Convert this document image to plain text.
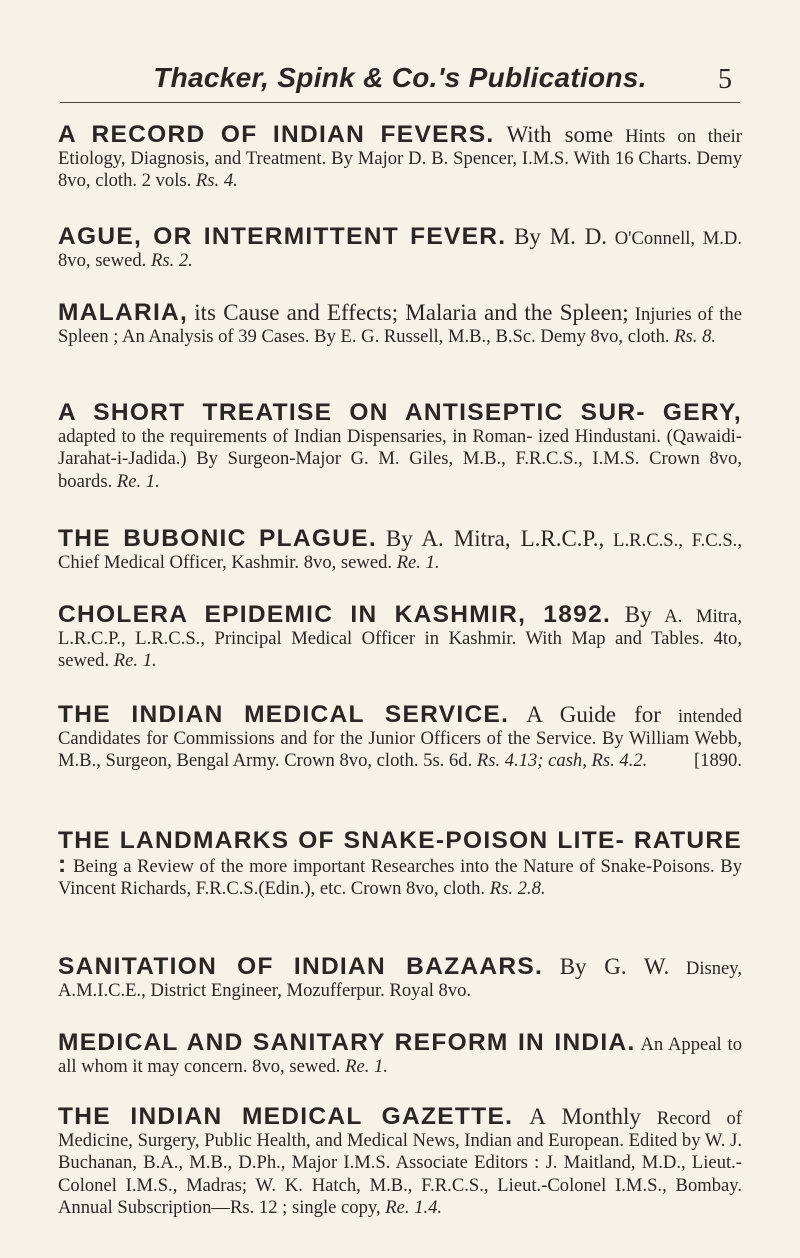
Thacker, Spink & Co.'s Publications.	5
A RECORD OF INDIAN FEVERS. With some Hints on their Etiology, Diagnosis, and Treatment. By Major D. B. Spencer, I.M.S. With 16 Charts. Demy 8vo, cloth. 2 vols. Rs. 4.
AGUE, OR INTERMITTENT FEVER. By M. D. O'Connell, M.D. 8vo, sewed. Rs. 2.
MALARIA, its Cause and Effects; Malaria and the Spleen; Injuries of the Spleen ; An Analysis of 39 Cases. By E. G. Russell, M.B., B.Sc. Demy 8vo, cloth. Rs. 8.
A SHORT TREATISE ON ANTISEPTIC SUR- GERY, adapted to the requirements of Indian Dispensaries, in Roman- ized Hindustani. (Qawaidi-Jarahat-i-Jadida.) By Surgeon-Major G. M. Giles, M.B., F.R.C.S., I.M.S. Crown 8vo, boards. Re. 1.
THE BUBONIC PLAGUE. By A. Mitra, L.R.C.P., L.R.C.S., F.C.S., Chief Medical Officer, Kashmir. 8vo, sewed. Re. 1.
CHOLERA EPIDEMIC IN KASHMIR, 1892. By A. Mitra, L.R.C.P., L.R.C.S., Principal Medical Officer in Kashmir. With Map and Tables. 4to, sewed. Re. 1.
THE INDIAN MEDICAL SERVICE. A Guide for intended Candidates for Commissions and for the Junior Officers of the Service. By William Webb, M.B., Surgeon, Bengal Army. Crown 8vo, cloth. 5s. 6d. Rs. 4.13; cash, Rs. 4.2.	[1890.
THE LANDMARKS OF SNAKE-POISON LITE- RATURE : Being a Review of the more important Researches into the Nature of Snake-Poisons. By Vincent Richards, F.R.C.S.(Edin.), etc. Crown 8vo, cloth. Rs. 2.8.
SANITATION OF INDIAN BAZAARS. By G. W. Disney, A.M.I.C.E., District Engineer, Mozufferpur. Royal 8vo.
MEDICAL AND SANITARY REFORM IN INDIA. An Appeal to all whom it may concern. 8vo, sewed. Re. 1.
THE INDIAN MEDICAL GAZETTE. A Monthly Record of Medicine, Surgery, Public Health, and Medical News, Indian and European. Edited by W. J. Buchanan, B.A., M.B., D.Ph., Major I.M.S. Associate Editors : J. Maitland, M.D., Lieut.-Colonel I.M.S., Madras; W. K. Hatch, M.B., F.R.C.S., Lieut.-Colonel I.M.S., Bombay. Annual Subscription—Rs. 12 ; single copy, Re. 1.4.
